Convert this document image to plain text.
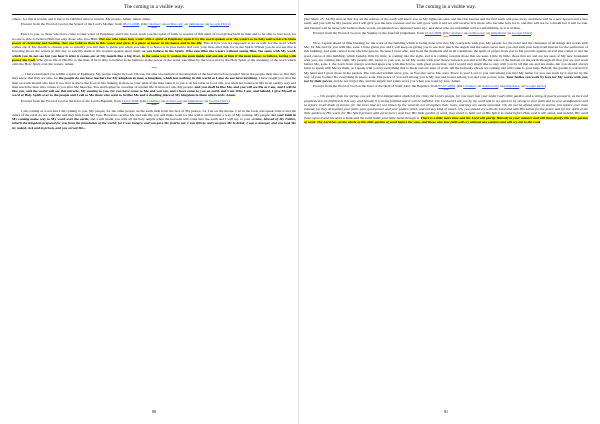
The coming in a visible way.

other», for this is written and it has to be fulfilled what is written, My people. Amen, amen, amen.

Excerpt from the Word of God at the Synod of the Lord's Mother, from 08-01-2008. (On Calameo; on archive.org; on jumpshare; on Google Drive)

***

Peace to you, to those who have come to take water of Epiphany, and I, the Lord, teach you the spirit of faith, to receive of this spirit of God giving birth in man and to be able to love God, for no one is able to believe Him, but only those who love Him. The one who takes holy water with a spirit of Epiphany upon it by the word spoken over the waters to be holy and to have in them power of cleansing and healing, that one believes then in this water and gives it a place of honor in his house and in his life. This is how you are supposed to do as well, for the word which comes out of My mouth to cleanse you, to sanctify you and then to guide you when you take it to honor it in your hearts and over your lives after that, for as the Spirit, Whom you do not see that is hovering above the waters in this day to sanctify them at the worded spoken upon them, so you believe in the Spirit, Who sanctifies the waters without seeing Him, the same with My word, which you do not see but you hear it after it comes out of My mouth like a big river, in the same way it washes the man inside and outside of him if the man knows to believe, loving with power the God. Who gives life of His life to the man, if he is able to believe as he believes in the power of the water sanctified by the word and by the Holy Spirit at the speaking of the word which calls the Holy Spirit over the waters. Amen.

***

... I have enveloped you within a spirit of Epiphany, My people taught by God. Oh son, become an example of the kingdom of the heavens before people! Show the people their sins so that they may know that they are sins, for the people do not have teachers for My kingdom in man, a kingdom, which has nothing in this world as I also do not have anything. I have taught you, that the man on earth should also bear it too, that is above the food of life making in man on your table if the man takes it to put it on his table as food. Oh, you shall not believe in Me in an earthly way and then teach the man who comes to you after Me likewise. You shall rather be a teacher of eternal life in man as I am, My people, and you shall be like Me, and you will see Me as I am, and I will be like you, and the world will see this miracle, My coming to you, for you have come to Me and you are, and I have come to you on earth and I am Who I am, and behold, I give Myself as word of Holy Spirit over to the people and I call to Me those who want to be like Me and a dwelling place of My kingdom in them afterwards. Amen.

Excerpt from the Word of God at the feast of the Lord's Baptism, from 19-01-2008. (On Calameo; on archive.org; on jumpshare; on Google Drive)

***

I am coming as word and I am coming to you, My people, for the other people on the earth hide from the face of My justice, for I sit on the throne, I sit in the book and speak from it and the rulers of the earth do not want Me and they hide from My face. However, receive Me and sanctify you and make room for Me with it and become a way of My coming. My people, for your faith in My coming make way to My word over the earth, and I will thank you with all the holy angels when the heavens will come into the earth and I will say to your «Come, blessed of My Father, inherit the Kingdom prepared for you from the foundation of the world; for I was hungry, and you gave Me food to eat; I was thirsty, and you gave Me to drink; I was a stranger, and you took Me in; naked, sick and in prison, and you served Me».

80
The coming in a visible way.

(See Matt: 25: 34-36) And on that day all the nations of the earth will know you as My righteous ones, and the first heaven and the first earth will pass away, and there will be a new heaven and a new earth, and you will be My people and I will give you the new creation and we will grow with it and we will receive in it those who become holy for it, and this will not be a dream but it will be true, and blessed will be those who believe these words, prophesied two thousand years ago, and those who are unfaithful will act unfaithfully, as it is written.

Excerpt from the Word of God on the Sunday of the fourfold judgement, from 22-02-2009. (On Calameo; on archive.org; on jumpshare; on Google Drive)

***

Now, I speak ahead of time blessing for the work of the building which is being done now into My courtyards with you, My people, for the order and the cleanness of all things and works with Me, for Me and for you with Me, sons. I have given you and I will keep on giving you to see how much the angels and the saints serve near you and with your help from heaven for the perfection of this building, and saint cannot work when he gets in, because I overcome, and in all the moments and in all conditions, the spirit of prayer from you to Me prevails against all evil that comes to test the good course of this building, which behold, little by little, is coming into the sight, and it is coming towards those that are seen. Little by little, those that are and are not seen of My new Jerusalem with you, are coming into sight, My people. Oh, peace to you, son, in all My works with you! Peace between son and son! Be the sons of the heaven on the earth through all that you are and work before Me, sons. I, the Lord, have always watched upon you with much love, with great protection; and I would very much like to stay with you by all that are and are made, but you should always learn to speak with Me by them, as I speak with you by everything that is made and are seen of work. All the heavenly ghosts are coming and will come to your help. Behold, the garden is watered by My hand and I grow those in the garden. The rain and warmth serve you, as You also serve Me, sons. Peace to you! Love to you and among you into My name; for you can work by it and not by the way of your bodies! Do everything in peace, sons. The peace of you and among you is My rest and power among you and your power, sons. Your bodies can work by love for My works with you, not by their power, and do not forget this, and the angels and saints serve you when you work by love. Amen.

Excerpt from the Word of God on the feast of the birth of Saint John, the Baptizer, from 07-07-2009. (On Calameo; on archive.org; on jumpshare; on Google Drive)

***

... ... Oh, people from the spring, you are the first independent citadel of the cities the Lord's people, for you have into your midst God's little garden, and a string of pearls around it, as the Lord prophesied to be fulfilled in this way, and behold, it is being fulfilled and it will be fulfilled. The Lord and I ask you by my word and in my spirit to be strong in your faith and in your steadfastness and to rejoice in all kinds of storms, for the trees that are not blown by the wind do not strengthen their roots, and they are easily uprooted. Oh, do not be afraid while in storms, but rejoice over them instead, for they strengthen your faith, your good power and your golden stitch, and not any kind of watch. Oh, you should cry with the Lord and with His saints for the peace and for the spirit of the little garden of His word, for His Spirit presses with great mercy and love His little garden of word, that which is built out of His Spirit to stand before Him, and it will stand, and behold, His word flows upon it and becomes a book and the Lord holds your little hand through it. There is a little more time and the Lord will glorify Himself in your manner and will then glorify His little garden of word. The Lord has set the whole of this little garden of word before the sons, and those who love faith will cry without any comfort and will cry out to the Lord

81
